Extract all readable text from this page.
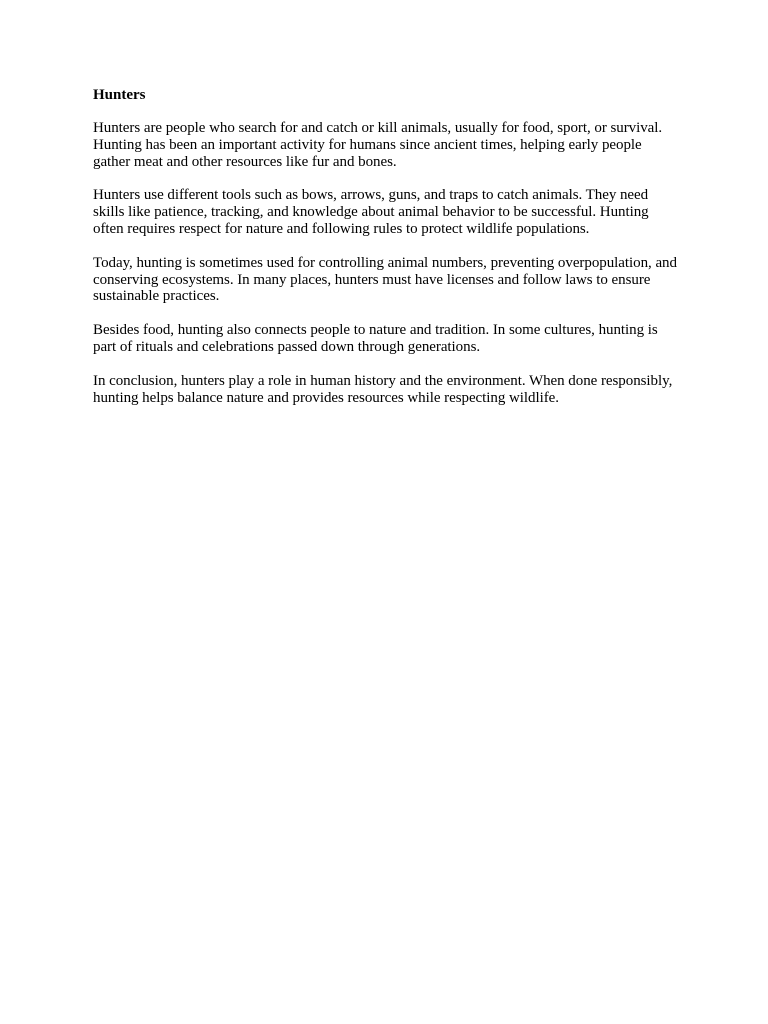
Hunters

Hunters are people who search for and catch or kill animals, usually for food, sport, or survival. Hunting has been an important activity for humans since ancient times, helping early people gather meat and other resources like fur and bones.

Hunters use different tools such as bows, arrows, guns, and traps to catch animals. They need skills like patience, tracking, and knowledge about animal behavior to be successful. Hunting often requires respect for nature and following rules to protect wildlife populations.

Today, hunting is sometimes used for controlling animal numbers, preventing overpopulation, and conserving ecosystems. In many places, hunters must have licenses and follow laws to ensure sustainable practices.

Besides food, hunting also connects people to nature and tradition. In some cultures, hunting is part of rituals and celebrations passed down through generations.

In conclusion, hunters play a role in human history and the environment. When done responsibly, hunting helps balance nature and provides resources while respecting wildlife.
